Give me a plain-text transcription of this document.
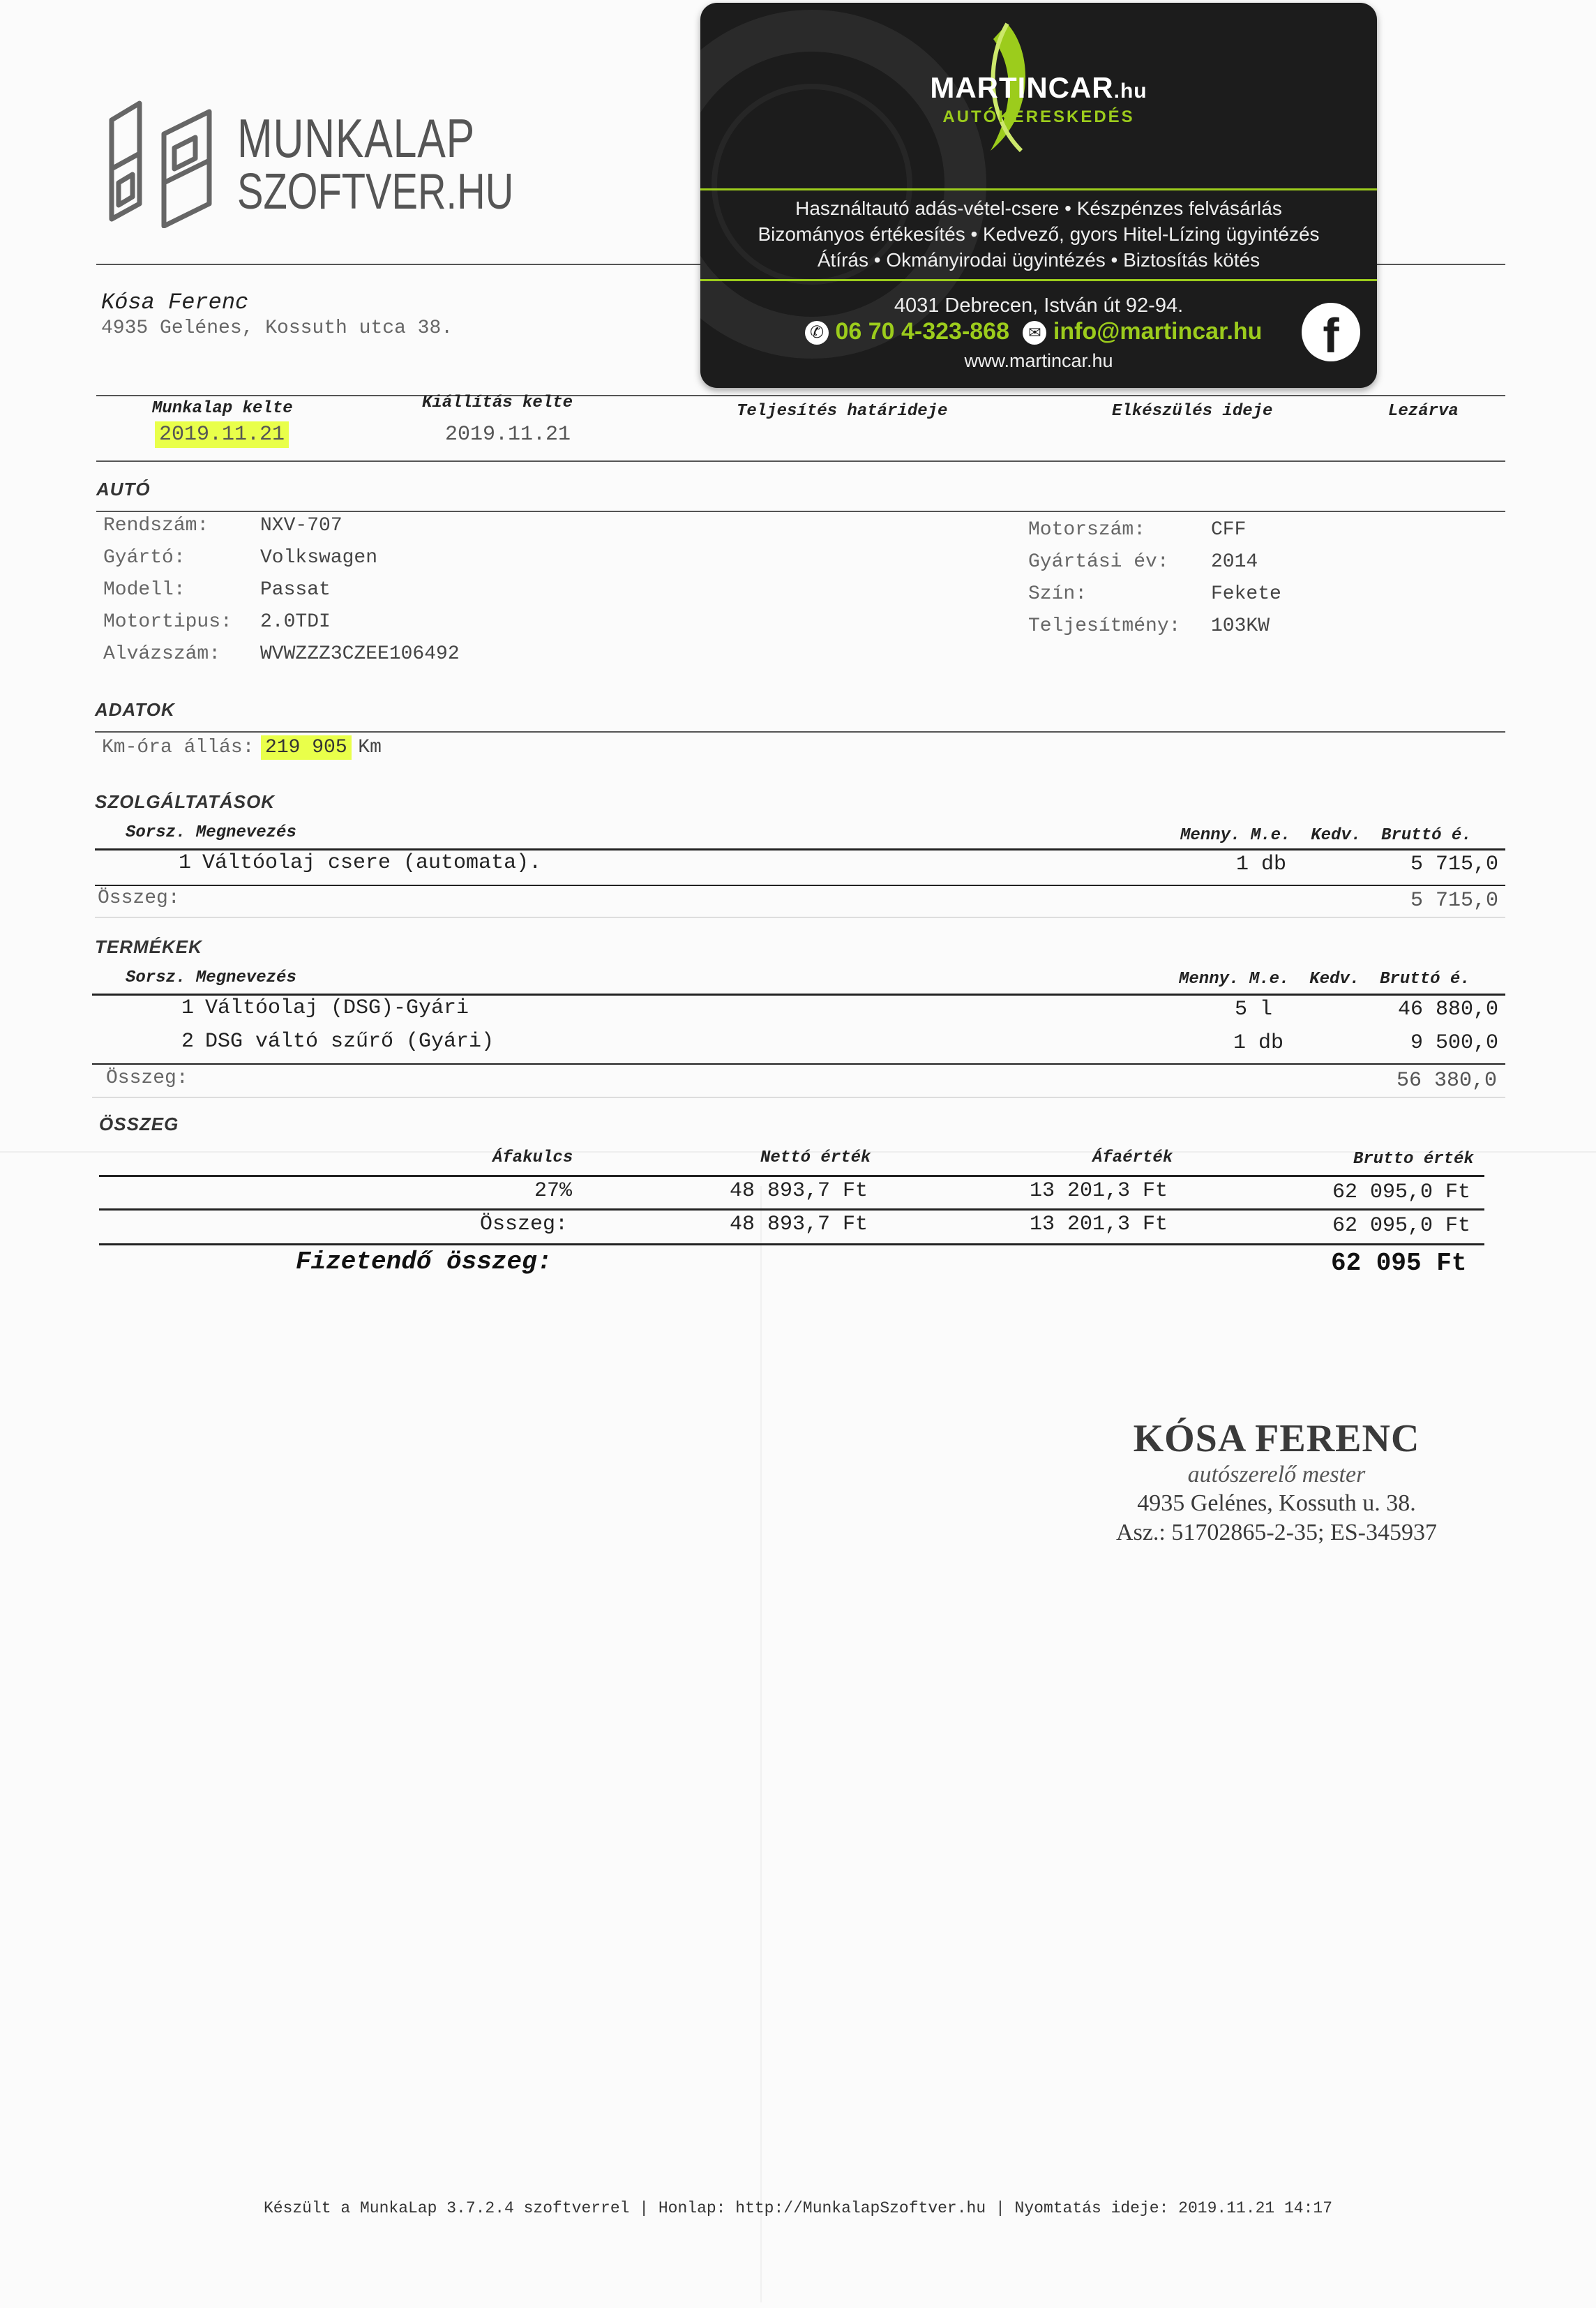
MUNKALAP
SZOFTVER.HU
Kósa Ferenc
4935 Gelénes, Kossuth utca 38.
MARTINCAR.hu
AUTÓKERESKEDÉS
Használtautó adás-vétel-csere • Készpénzes felvásárlás
Bizományos értékesítés • Kedvező, gyors Hitel-Lízing ügyintézés
Átírás • Okmányirodai ügyintézés • Biztosítás kötés
4031 Debrecen, István út 92-94.
✆ 06 70 4-323-868 ✉ info@martincar.hu
www.martincar.hu	f
Munkalap kelte
2019.11.21
Kiállítás kelte
2019.11.21
Teljesítés határideje	Elkészülés ideje	Lezárva
AUTÓ
Rendszám:	NXV-707
Gyártó:	Volkswagen
Modell:	Passat
Motortipus: 2.0TDI
Alvázszám: WVWZZZ3CZEE106492
Motorszám:	CFF
Gyártási év: 2014
Szín:	Fekete
Teljesítmény: 103KW
ADATOK
Km-óra állás: 219 905 Km
SZOLGÁLTATÁSOK
Sorsz. Megnevezés	Menny. M.e. Kedv. Bruttó é.
1 Váltóolaj csere (automata).	1 db	5 715,0
Összeg:	5 715,0
TERMÉKEK
Sorsz. Megnevezés	Menny. M.e. Kedv. Bruttó é.
1 Váltóolaj (DSG)-Gyári	5 l	46 880,0
2 DSG váltó szűrő (Gyári)	1 db	9 500,0
Összeg:	56 380,0
ÖSSZEG
Áfakulcs	Nettó érték	Áfaérték	Brutto érték
27%	48 893,7 Ft	13 201,3 Ft	62 095,0 Ft
Összeg:	48 893,7 Ft	13 201,3 Ft	62 095,0 Ft
Fizetendő összeg:	62 095 Ft
KÓSA FERENC
autószerelő mester
4935 Gelénes, Kossuth u. 38.
Asz.: 51702865-2-35; ES-345937
Készült a MunkaLap 3.7.2.4 szoftverrel | Honlap: http://MunkalapSzoftver.hu | Nyomtatás ideje: 2019.11.21 14:17
